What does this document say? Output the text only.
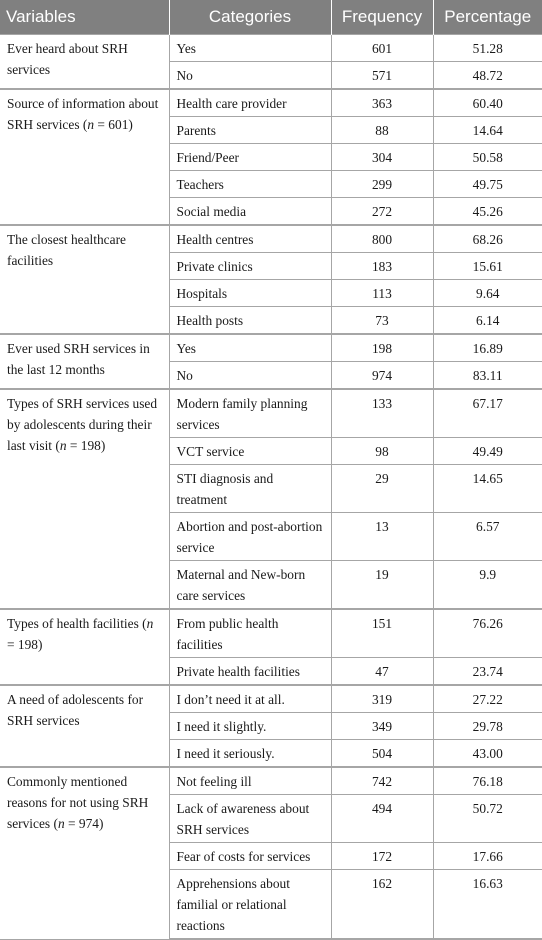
Variables	Categories	Frequency	Percentage
Ever heard about SRH services	Yes	601	51.28
	No	571	48.72
Source of information about SRH services (n = 601)	Health care provider	363	60.40
	Parents	88	14.64
	Friend/Peer	304	50.58
	Teachers	299	49.75
	Social media	272	45.26
The closest healthcare facilities	Health centres	800	68.26
	Private clinics	183	15.61
	Hospitals	113	9.64
	Health posts	73	6.14
Ever used SRH services in the last 12 months	Yes	198	16.89
	No	974	83.11
Types of SRH services used by adolescents during their last visit (n = 198)	Modern family planning services	133	67.17
	VCT service	98	49.49
	STI diagnosis and treatment	29	14.65
	Abortion and post-abortion service	13	6.57
	Maternal and New-born care services	19	9.9
Types of health facilities (n = 198)	From public health facilities	151	76.26
	Private health facilities	47	23.74
A need of adolescents for SRH services	I don’t need it at all.	319	27.22
	I need it slightly.	349	29.78
	I need it seriously.	504	43.00
Commonly mentioned reasons for not using SRH services (n = 974)	Not feeling ill	742	76.18
	Lack of awareness about SRH services	494	50.72
	Fear of costs for services	172	17.66
	Apprehensions about familial or relational reactions	162	16.63
